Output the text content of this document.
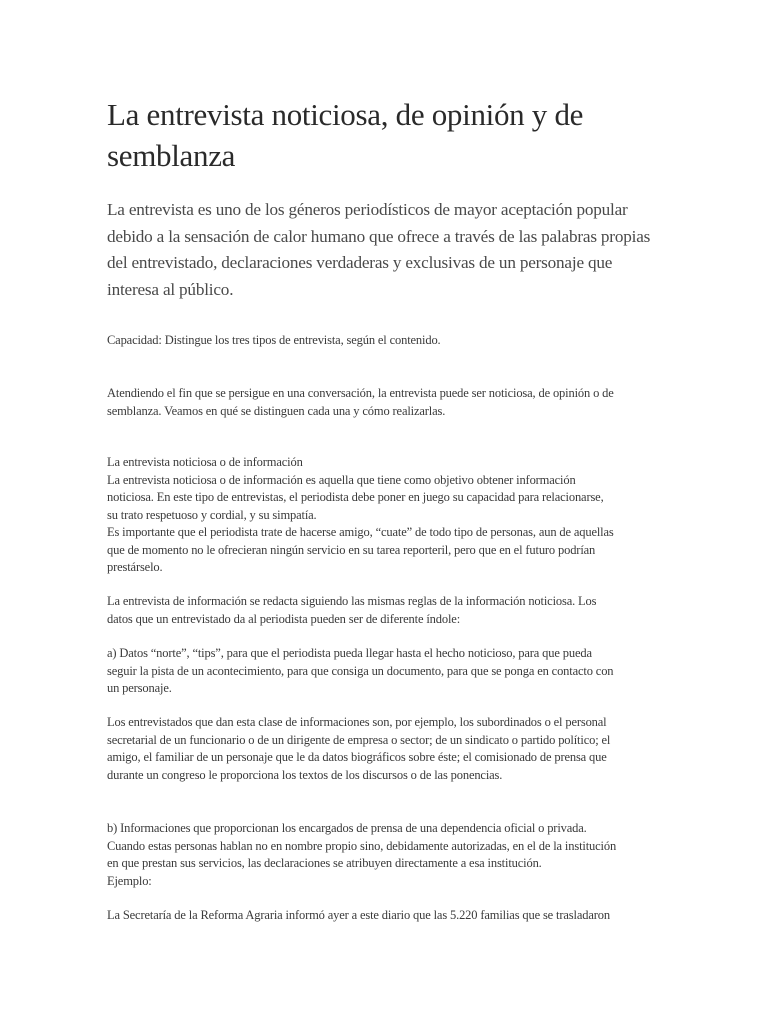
La entrevista noticiosa, de opinión y de
semblanza
La entrevista es uno de los géneros periodísticos de mayor aceptación popular
debido a la sensación de calor humano que ofrece a través de las palabras propias
del entrevistado, declaraciones verdaderas y exclusivas de un personaje que
interesa al público.
Capacidad: Distingue los tres tipos de entrevista, según el contenido.
Atendiendo el fin que se persigue en una conversación, la entrevista puede ser noticiosa, de opinión o de
semblanza. Veamos en qué se distinguen cada una y cómo realizarlas.
La entrevista noticiosa o de información
La entrevista noticiosa o de información es aquella que tiene como objetivo obtener información
noticiosa. En este tipo de entrevistas, el periodista debe poner en juego su capacidad para relacionarse,
su trato respetuoso y cordial, y su simpatía.
Es importante que el periodista trate de hacerse amigo, “cuate” de todo tipo de personas, aun de aquellas
que de momento no le ofrecieran ningún servicio en su tarea reporteril, pero que en el futuro podrían
prestárselo.
La entrevista de información se redacta siguiendo las mismas reglas de la información noticiosa. Los
datos que un entrevistado da al periodista pueden ser de diferente índole:
a) Datos “norte”, “tips”, para que el periodista pueda llegar hasta el hecho noticioso, para que pueda
seguir la pista de un acontecimiento, para que consiga un documento, para que se ponga en contacto con
un personaje.
Los entrevistados que dan esta clase de informaciones son, por ejemplo, los subordinados o el personal
secretarial de un funcionario o de un dirigente de empresa o sector; de un sindicato o partido político; el
amigo, el familiar de un personaje que le da datos biográficos sobre éste; el comisionado de prensa que
durante un congreso le proporciona los textos de los discursos o de las ponencias.
b) Informaciones que proporcionan los encargados de prensa de una dependencia oficial o privada.
Cuando estas personas hablan no en nombre propio sino, debidamente autorizadas, en el de la institución
en que prestan sus servicios, las declaraciones se atribuyen directamente a esa institución.
Ejemplo:
La Secretaría de la Reforma Agraria informó ayer a este diario que las 5.220 familias que se trasladaron
